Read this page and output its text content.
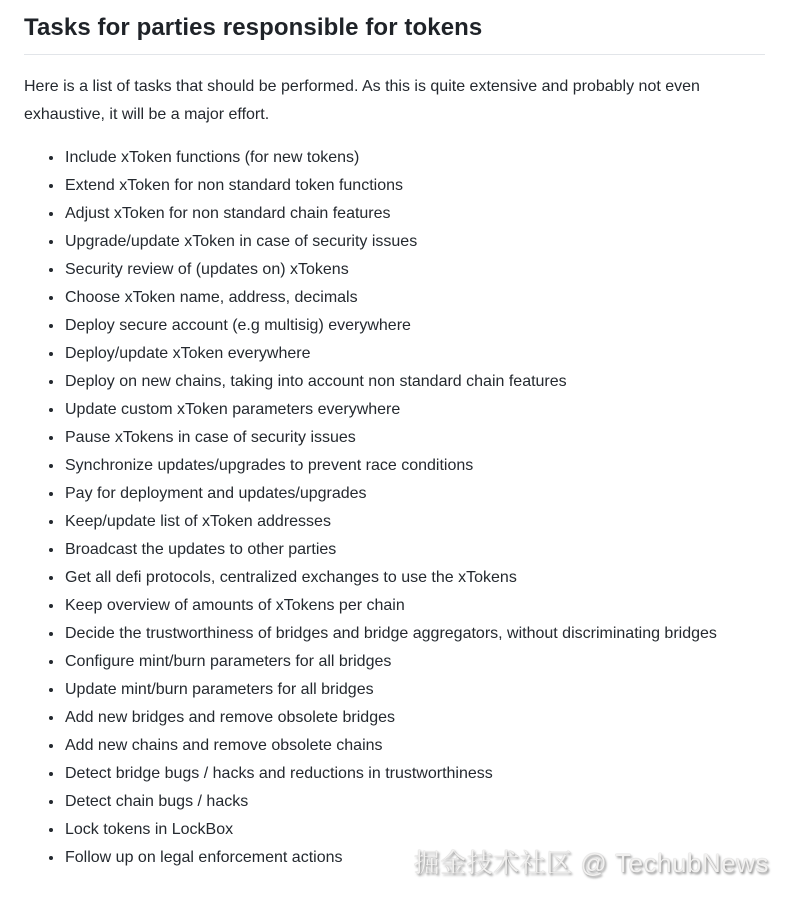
Tasks for parties responsible for tokens

Here is a list of tasks that should be performed. As this is quite extensive and probably not even exhaustive, it will be a major effort.

• Include xToken functions (for new tokens)
• Extend xToken for non standard token functions
• Adjust xToken for non standard chain features
• Upgrade/update xToken in case of security issues
• Security review of (updates on) xTokens
• Choose xToken name, address, decimals
• Deploy secure account (e.g multisig) everywhere
• Deploy/update xToken everywhere
• Deploy on new chains, taking into account non standard chain features
• Update custom xToken parameters everywhere
• Pause xTokens in case of security issues
• Synchronize updates/upgrades to prevent race conditions
• Pay for deployment and updates/upgrades
• Keep/update list of xToken addresses
• Broadcast the updates to other parties
• Get all defi protocols, centralized exchanges to use the xTokens
• Keep overview of amounts of xTokens per chain
• Decide the trustworthiness of bridges and bridge aggregators, without discriminating bridges
• Configure mint/burn parameters for all bridges
• Update mint/burn parameters for all bridges
• Add new bridges and remove obsolete bridges
• Add new chains and remove obsolete chains
• Detect bridge bugs / hacks and reductions in trustworthiness
• Detect chain bugs / hacks
• Lock tokens in LockBox
• Follow up on legal enforcement actions	掘金技术社区 @ TechubNews
